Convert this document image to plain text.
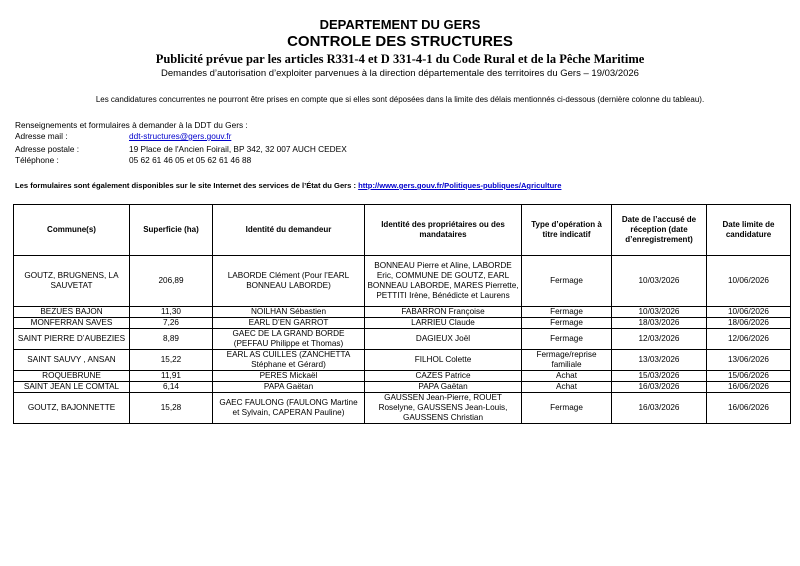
DEPARTEMENT DU GERS
CONTROLE DES STRUCTURES
Publicité prévue par les articles R331-4 et D 331-4-1 du Code Rural et de la Pêche Maritime
Demandes d’autorisation d’exploiter parvenues à la direction départementale des territoires du Gers – 19/03/2026
Les candidatures concurrentes ne pourront être prises en compte que si elles sont déposées dans la limite des délais mentionnés ci-dessous (dernière colonne du tableau).
Renseignements et formulaires à demander à la DDT du Gers :
Adresse mail :	ddt-structures@gers.gouv.fr
Adresse postale :	19 Place de l'Ancien Foirail, BP 342, 32 007 AUCH CEDEX
Téléphone :	05 62 61 46 05 et 05 62 61 46 88
Les formulaires sont également disponibles sur le site Internet des services de l’État du Gers : http://www.gers.gouv.fr/Politiques-publiques/Agriculture
Commune(s)	Superficie (ha)	Identité du demandeur	Identité des propriétaires ou des mandataires	Type d’opération à titre indicatif	Date de l’accusé de réception (date d’enregistrement)	Date limite de candidature
GOUTZ, BRUGNENS, LA SAUVETAT	206,89	LABORDE Clément (Pour l’EARL BONNEAU LABORDE)	BONNEAU Pierre et Aline, LABORDE Eric, COMMUNE DE GOUTZ, EARL BONNEAU LABORDE, MARES Pierrette, PETTITI Irène, Bénédicte et Laurens	Fermage	10/03/2026	10/06/2026
BEZUES BAJON	11,30	NOILHAN Sébastien	FABARRON Françoise	Fermage	10/03/2026	10/06/2026
MONFERRAN SAVES	7,26	EARL D’EN GARROT	LARRIEU Claude	Fermage	18/03/2026	18/06/2026
SAINT PIERRE D’AUBEZIES	8,89	GAEC DE LA GRAND BORDE (PEFFAU Philippe et Thomas)	DAGIEUX Joël	Fermage	12/03/2026	12/06/2026
SAINT SAUVY , ANSAN	15,22	EARL AS CUILLES (ZANCHETTA Stéphane et Gérard)	FILHOL Colette	Fermage/reprise familiale	13/03/2026	13/06/2026
ROQUEBRUNE	11,91	PERES Mickaël	CAZES Patrice	Achat	15/03/2026	15/06/2026
SAINT JEAN LE COMTAL	6,14	PAPA Gaëtan	PAPA Gaëtan	Achat	16/03/2026	16/06/2026
GOUTZ, BAJONNETTE	15,28	GAEC FAULONG (FAULONG Martine et Sylvain, CAPERAN Pauline)	GAUSSEN Jean-Pierre, ROUET Roselyne, GAUSSENS Jean-Louis, GAUSSENS Christian	Fermage	16/03/2026	16/06/2026
